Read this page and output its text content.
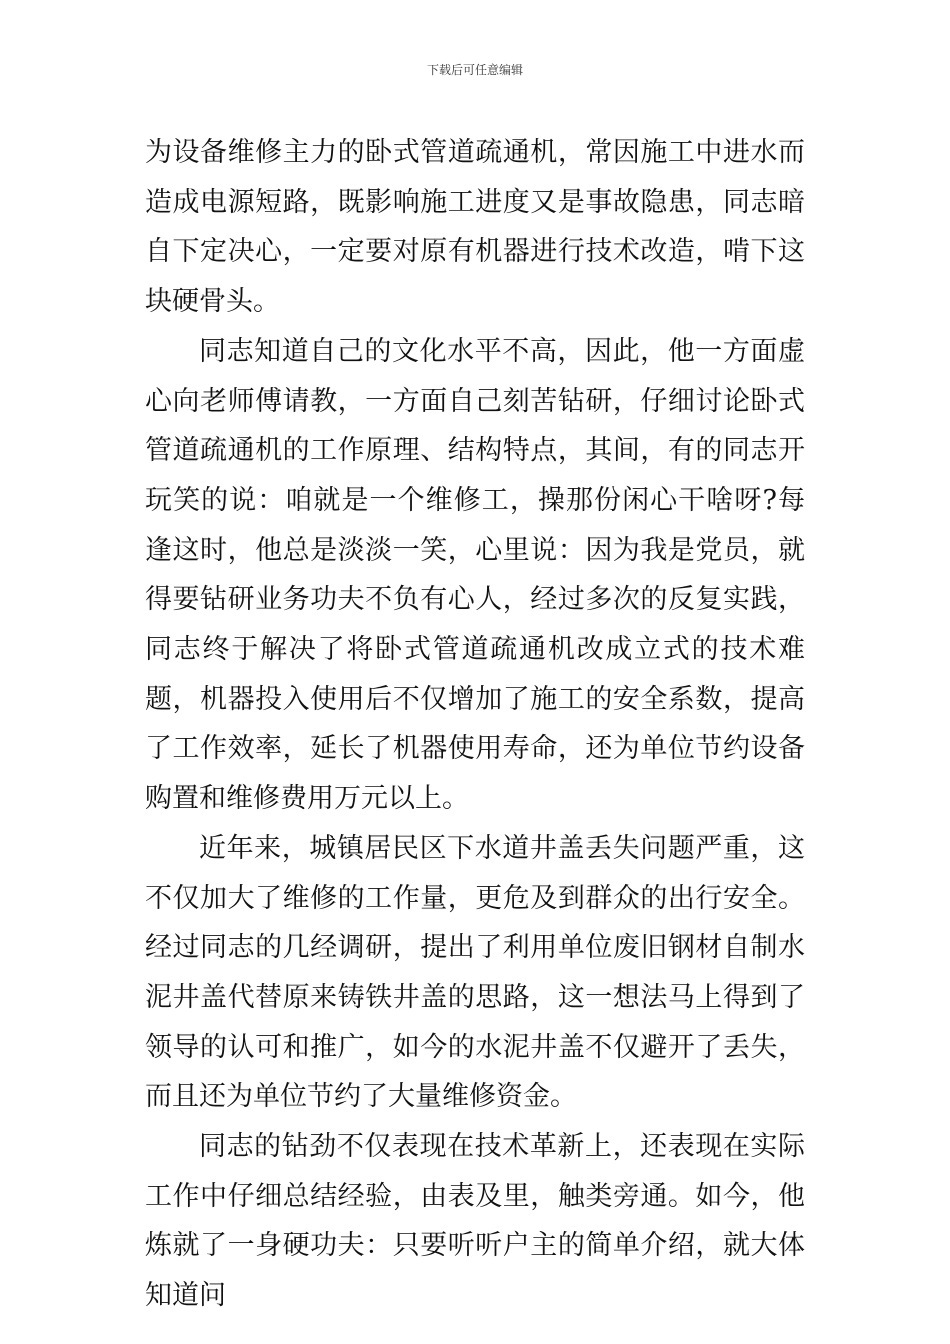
下载后可任意编辑

为设备维修主力的卧式管道疏通机，常因施工中进水而造成电源短路，既影响施工进度又是事故隐患，同志暗自下定决心，一定要对原有机器进行技术改造，啃下这块硬骨头。

同志知道自己的文化水平不高，因此，他一方面虚心向老师傅请教，一方面自己刻苦钻研，仔细讨论卧式管道疏通机的工作原理、结构特点，其间，有的同志开玩笑的说：咱就是一个维修工，操那份闲心干啥呀?每逢这时，他总是淡淡一笑，心里说：因为我是党员，就得要钻研业务功夫不负有心人，经过多次的反复实践，同志终于解决了将卧式管道疏通机改成立式的技术难题，机器投入使用后不仅增加了施工的安全系数，提高了工作效率，延长了机器使用寿命，还为单位节约设备购置和维修费用万元以上。

近年来，城镇居民区下水道井盖丢失问题严重，这不仅加大了维修的工作量，更危及到群众的出行安全。经过同志的几经调研，提出了利用单位废旧钢材自制水泥井盖代替原来铸铁井盖的思路，这一想法马上得到了领导的认可和推广，如今的水泥井盖不仅避开了丢失，而且还为单位节约了大量维修资金。

同志的钻劲不仅表现在技术革新上，还表现在实际工作中仔细总结经验，由表及里，触类旁通。如今，他炼就了一身硬功夫：只要听听户主的简单介绍，就大体知道问
